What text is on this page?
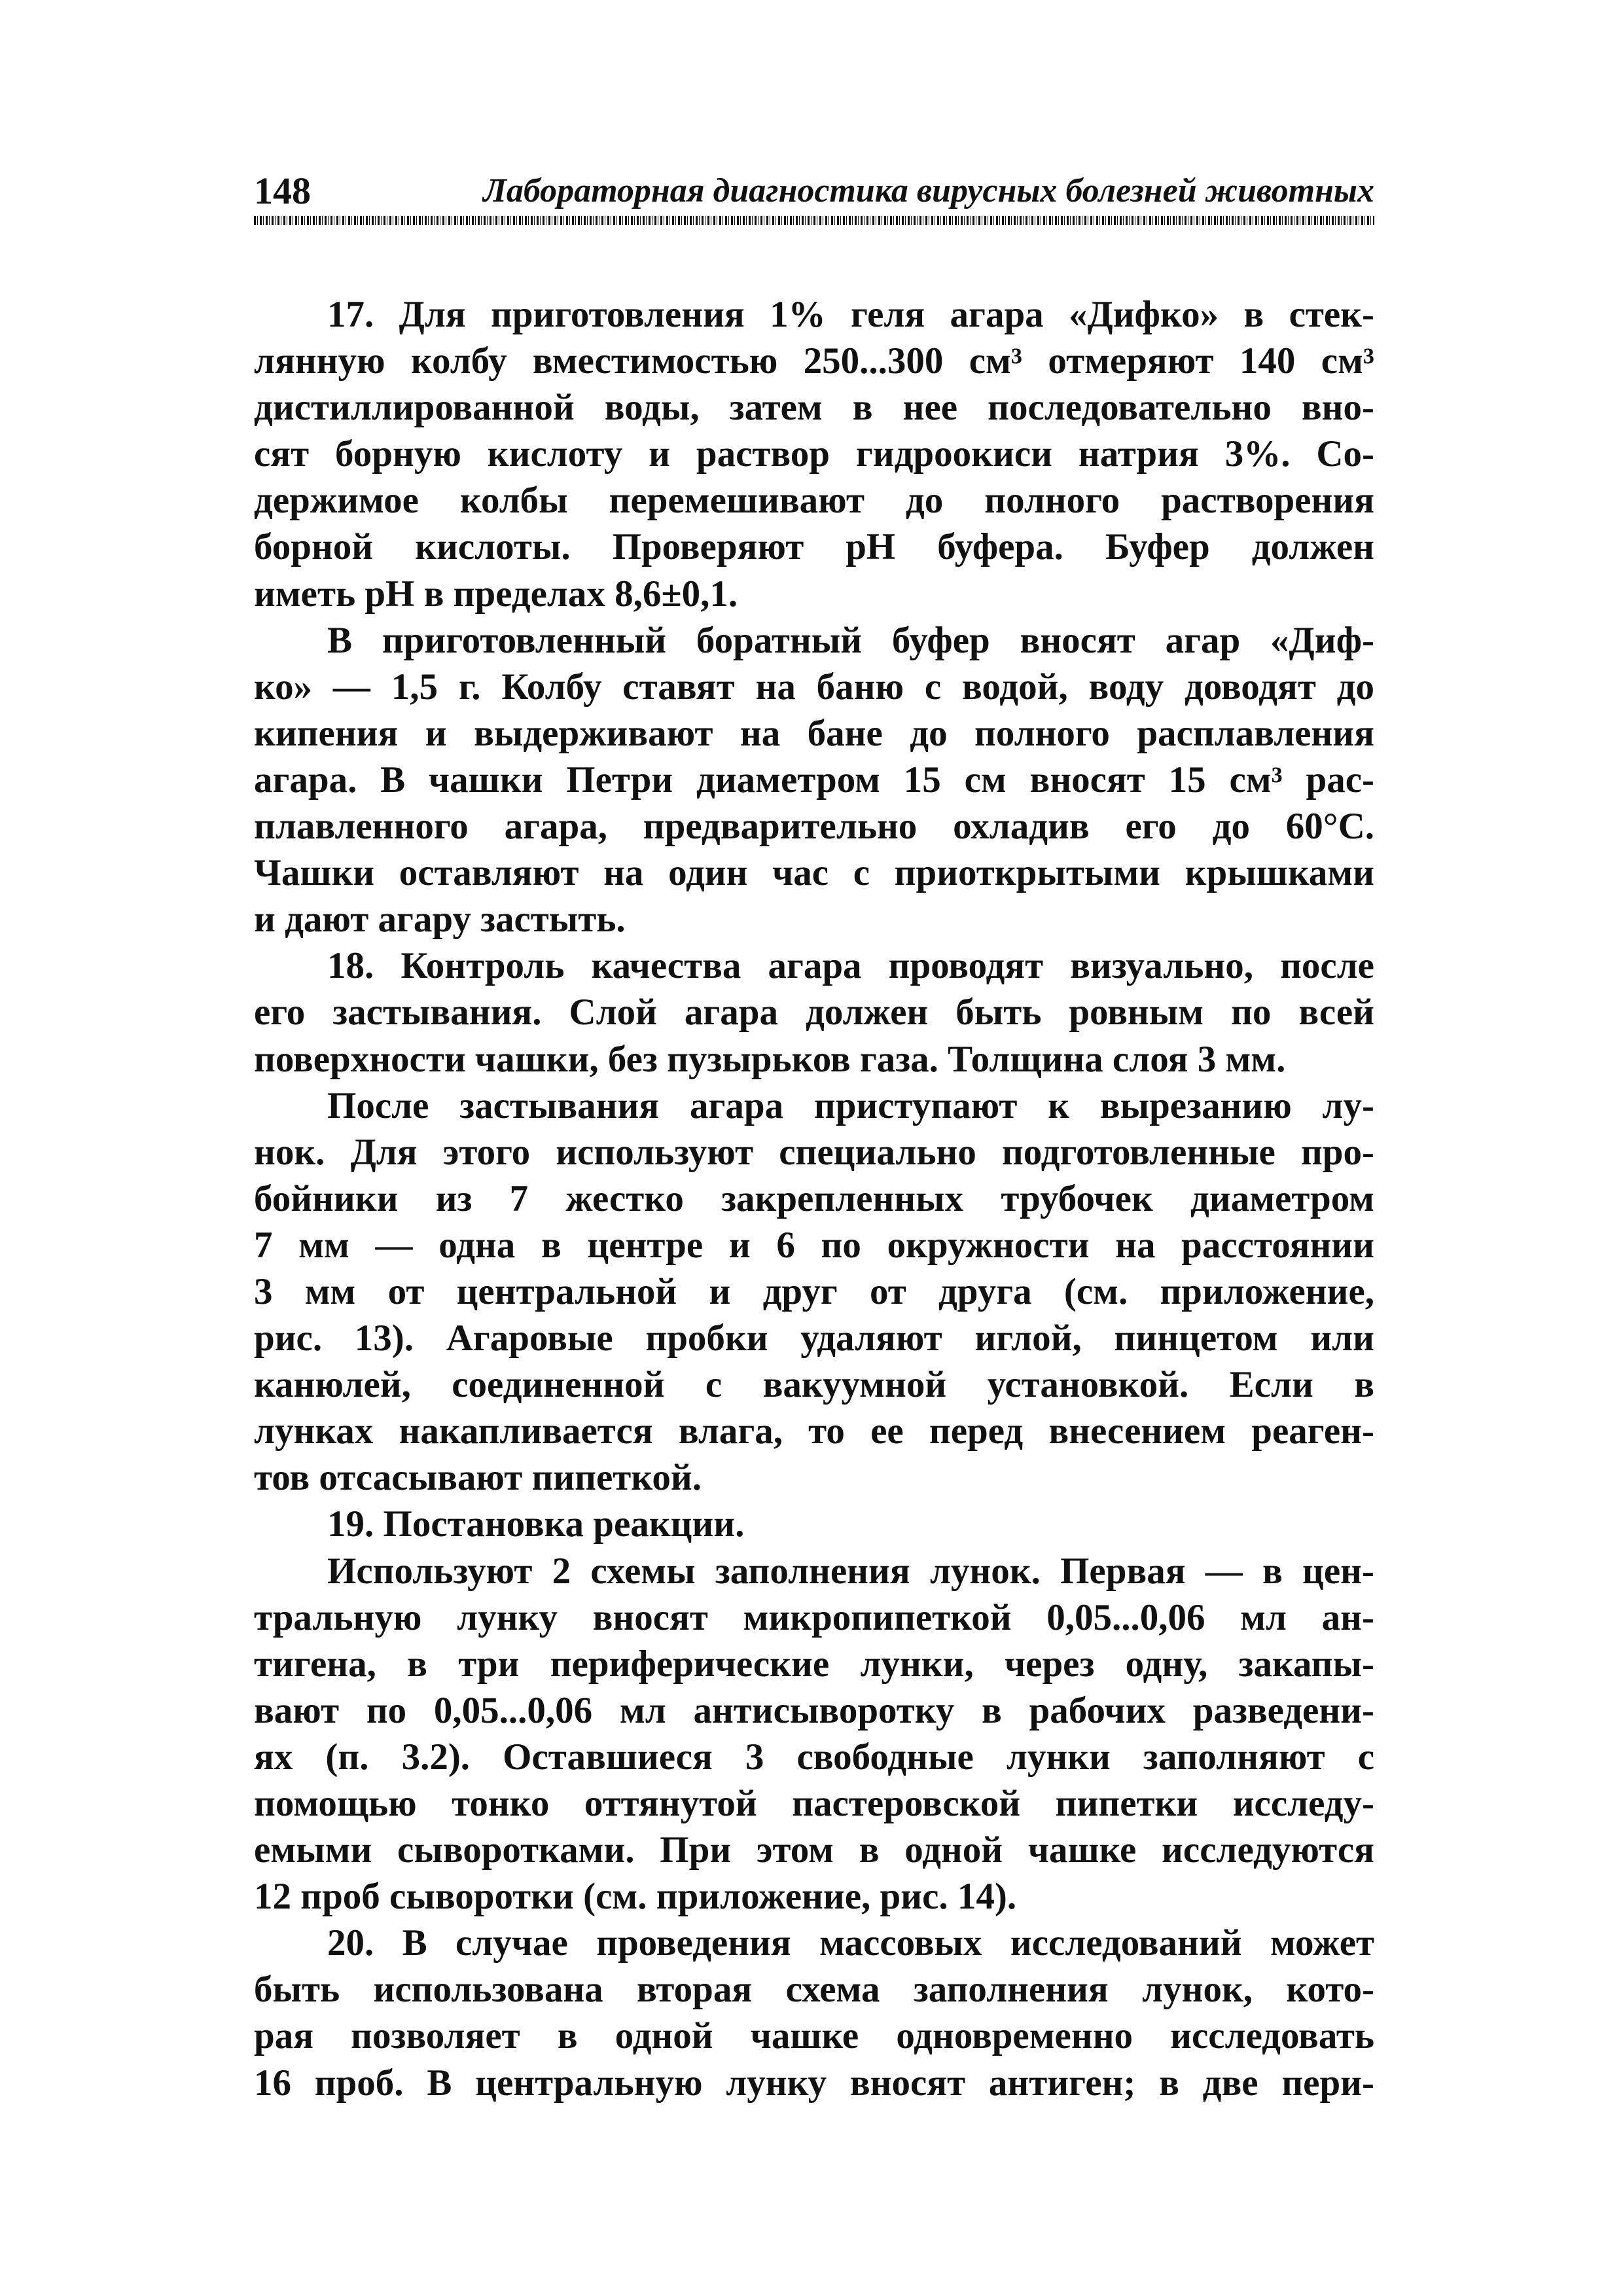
148	Лабораторная диагностика вирусных болезней животных
17. Для приготовления 1% геля агара «Дифко» в стек-
лянную колбу вместимостью 250...300 см³ отмеряют 140 см³
дистиллированной воды, затем в нее последовательно вно-
сят борную кислоту и раствор гидроокиси натрия 3%. Со-
держимое колбы перемешивают до полного растворения
борной кислоты. Проверяют рН буфера. Буфер должен
иметь рН в пределах 8,6±0,1.
В приготовленный боратный буфер вносят агар «Диф-
ко» — 1,5 г. Колбу ставят на баню с водой, воду доводят до
кипения и выдерживают на бане до полного расплавления
агара. В чашки Петри диаметром 15 см вносят 15 см³ рас-
плавленного агара, предварительно охладив его до 60°С.
Чашки оставляют на один час с приоткрытыми крышками
и дают агару застыть.
18. Контроль качества агара проводят визуально, после
его застывания. Слой агара должен быть ровным по всей
поверхности чашки, без пузырьков газа. Толщина слоя 3 мм.
После застывания агара приступают к вырезанию лу-
нок. Для этого используют специально подготовленные про-
бойники из 7 жестко закрепленных трубочек диаметром
7 мм — одна в центре и 6 по окружности на расстоянии
3 мм от центральной и друг от друга (см. приложение,
рис. 13). Агаровые пробки удаляют иглой, пинцетом или
канюлей, соединенной с вакуумной установкой. Если в
лунках накапливается влага, то ее перед внесением реаген-
тов отсасывают пипеткой.
19. Постановка реакции.
Используют 2 схемы заполнения лунок. Первая — в цен-
тральную лунку вносят микропипеткой 0,05...0,06 мл ан-
тигена, в три периферические лунки, через одну, закапы-
вают по 0,05...0,06 мл антисыворотку в рабочих разведени-
ях (п. 3.2). Оставшиеся 3 свободные лунки заполняют с
помощью тонко оттянутой пастеровской пипетки исследу-
емыми сыворотками. При этом в одной чашке исследуются
12 проб сыворотки (см. приложение, рис. 14).
20. В случае проведения массовых исследований может
быть использована вторая схема заполнения лунок, кото-
рая позволяет в одной чашке одновременно исследовать
16 проб. В центральную лунку вносят антиген; в две пери-
